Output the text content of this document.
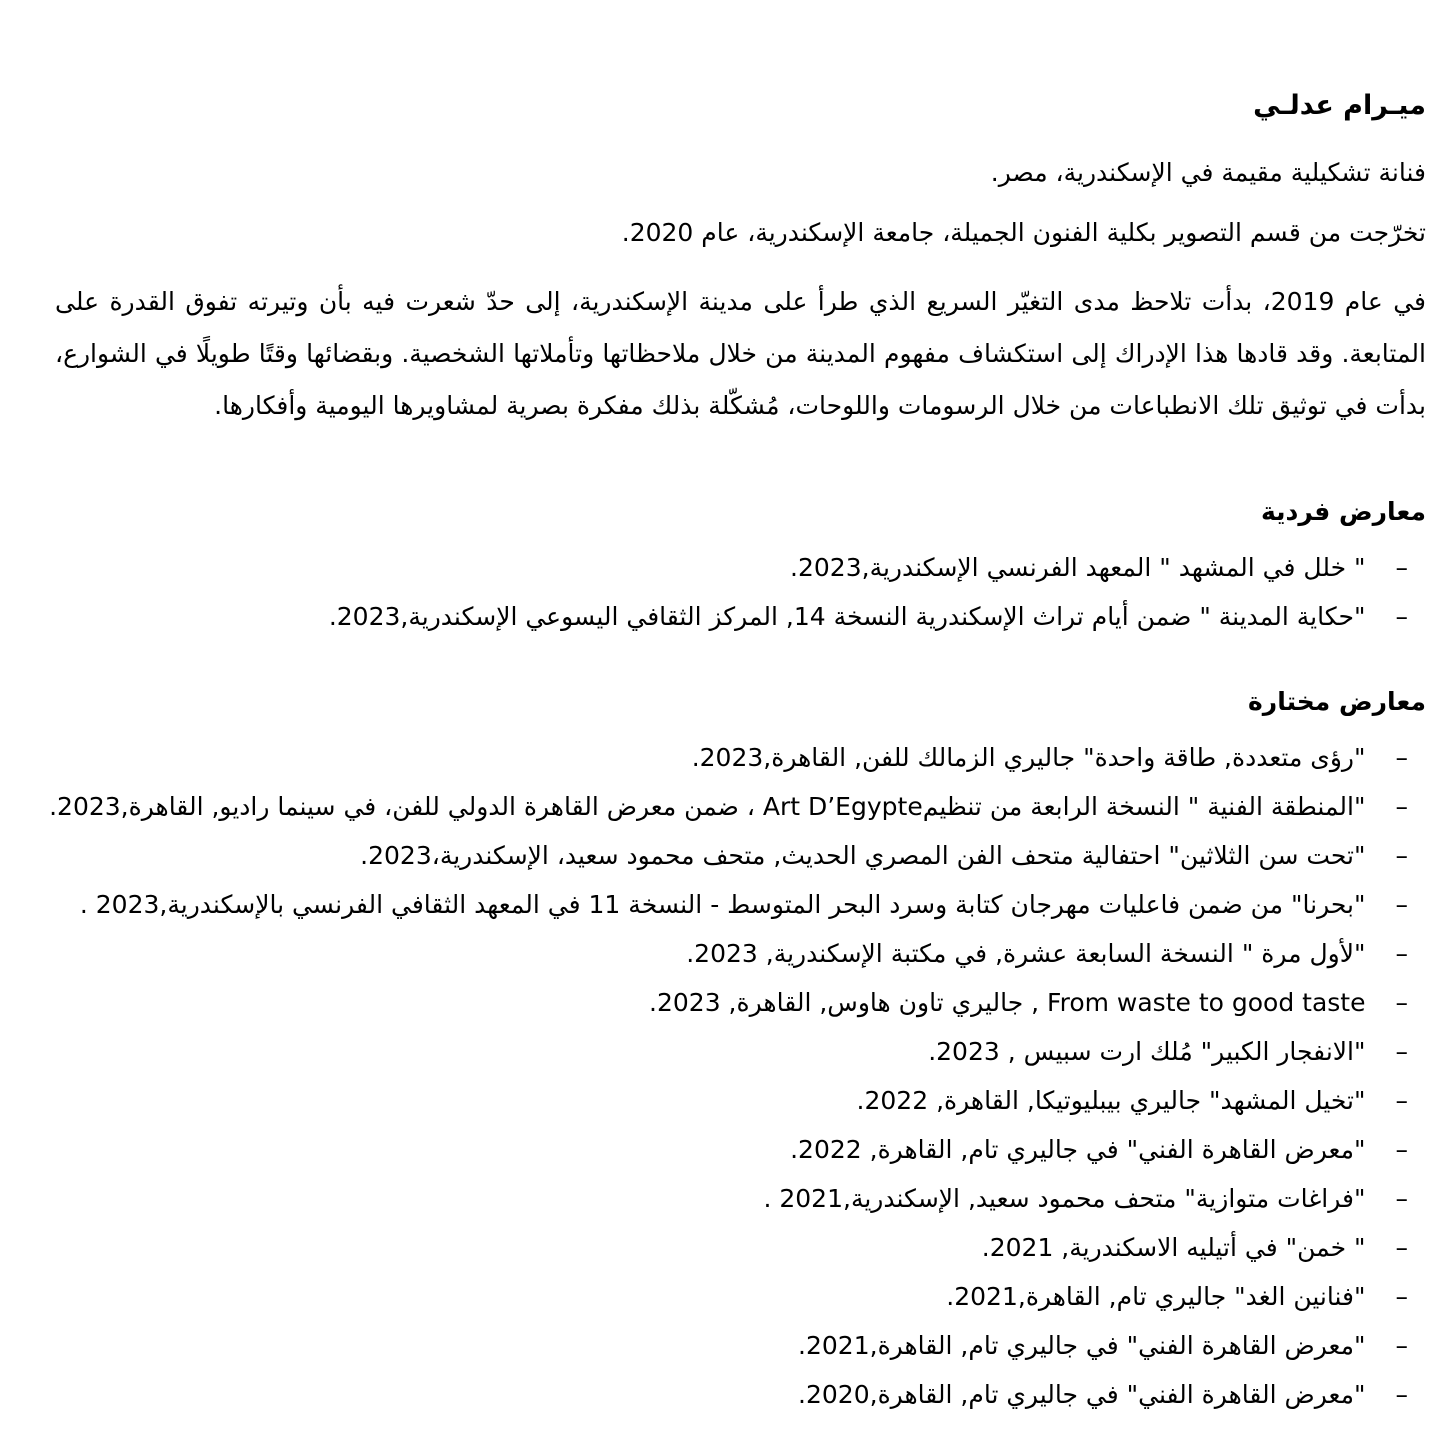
ميـرام عدلـي

فنانة تشكيلية مقيمة في الإسكندرية، مصر.

تخرّجت من قسم التصوير بكلية الفنون الجميلة، جامعة الإسكندرية، عام 2020.

في عام 2019، بدأت تلاحظ مدى التغيّر السريع الذي طرأ على مدينة الإسكندرية، إلى حدّ شعرت فيه بأن وتيرته تفوق القدرة على المتابعة. وقد قادها هذا الإدراك إلى استكشاف مفهوم المدينة من خلال ملاحظاتها وتأملاتها الشخصية. وبقضائها وقتًا طويلًا في الشوارع، بدأت في توثيق تلك الانطباعات من خلال الرسومات واللوحات، مُشكّلة بذلك مفكرة بصرية لمشاويرها اليومية وأفكارها.

معارض فردية
–
" خلل في المشهد " المعهد الفرنسي الإسكندرية,2023.
–
"حكاية المدينة " ضمن أيام تراث الإسكندرية النسخة 14, المركز الثقافي اليسوعي الإسكندرية,2023.
معارض مختارة
–
"رؤى متعددة, طاقة واحدة" جاليري الزمالك للفن, القاهرة,2023.
–
"المنطقة الفنية " النسخة الرابعة من تنظيمArt D’Egypte ، ضمن معرض القاهرة الدولي للفن، في سينما راديو, القاهرة,2023.
–
"تحت سن الثلاثين" احتفالية متحف الفن المصري الحديث, متحف محمود سعيد، الإسكندرية،2023.
–
"بحرنا" من ضمن فاعليات مهرجان كتابة وسرد البحر المتوسط - النسخة 11 في المعهد الثقافي الفرنسي بالإسكندرية,2023 .
–
"لأول مرة " النسخة السابعة عشرة, في مكتبة الإسكندرية, 2023.
–
From waste to good taste , جاليري تاون هاوس, القاهرة, 2023.
–
"الانفجار الكبير" مُلك ارت سبيس , 2023.
–
"تخيل المشهد" جاليري بيبليوتيكا, القاهرة, 2022.
–
"معرض القاهرة الفني" في جاليري تام, القاهرة, 2022.
–
"فراغات متوازية" متحف محمود سعيد, الإسكندرية,2021 .
–
" خمن" في أتيليه الاسكندرية, 2021.
–
"فنانين الغد" جاليري تام, القاهرة,2021.
–
"معرض القاهرة الفني" في جاليري تام, القاهرة,2021.
–
"معرض القاهرة الفني" في جاليري تام, القاهرة,2020.
